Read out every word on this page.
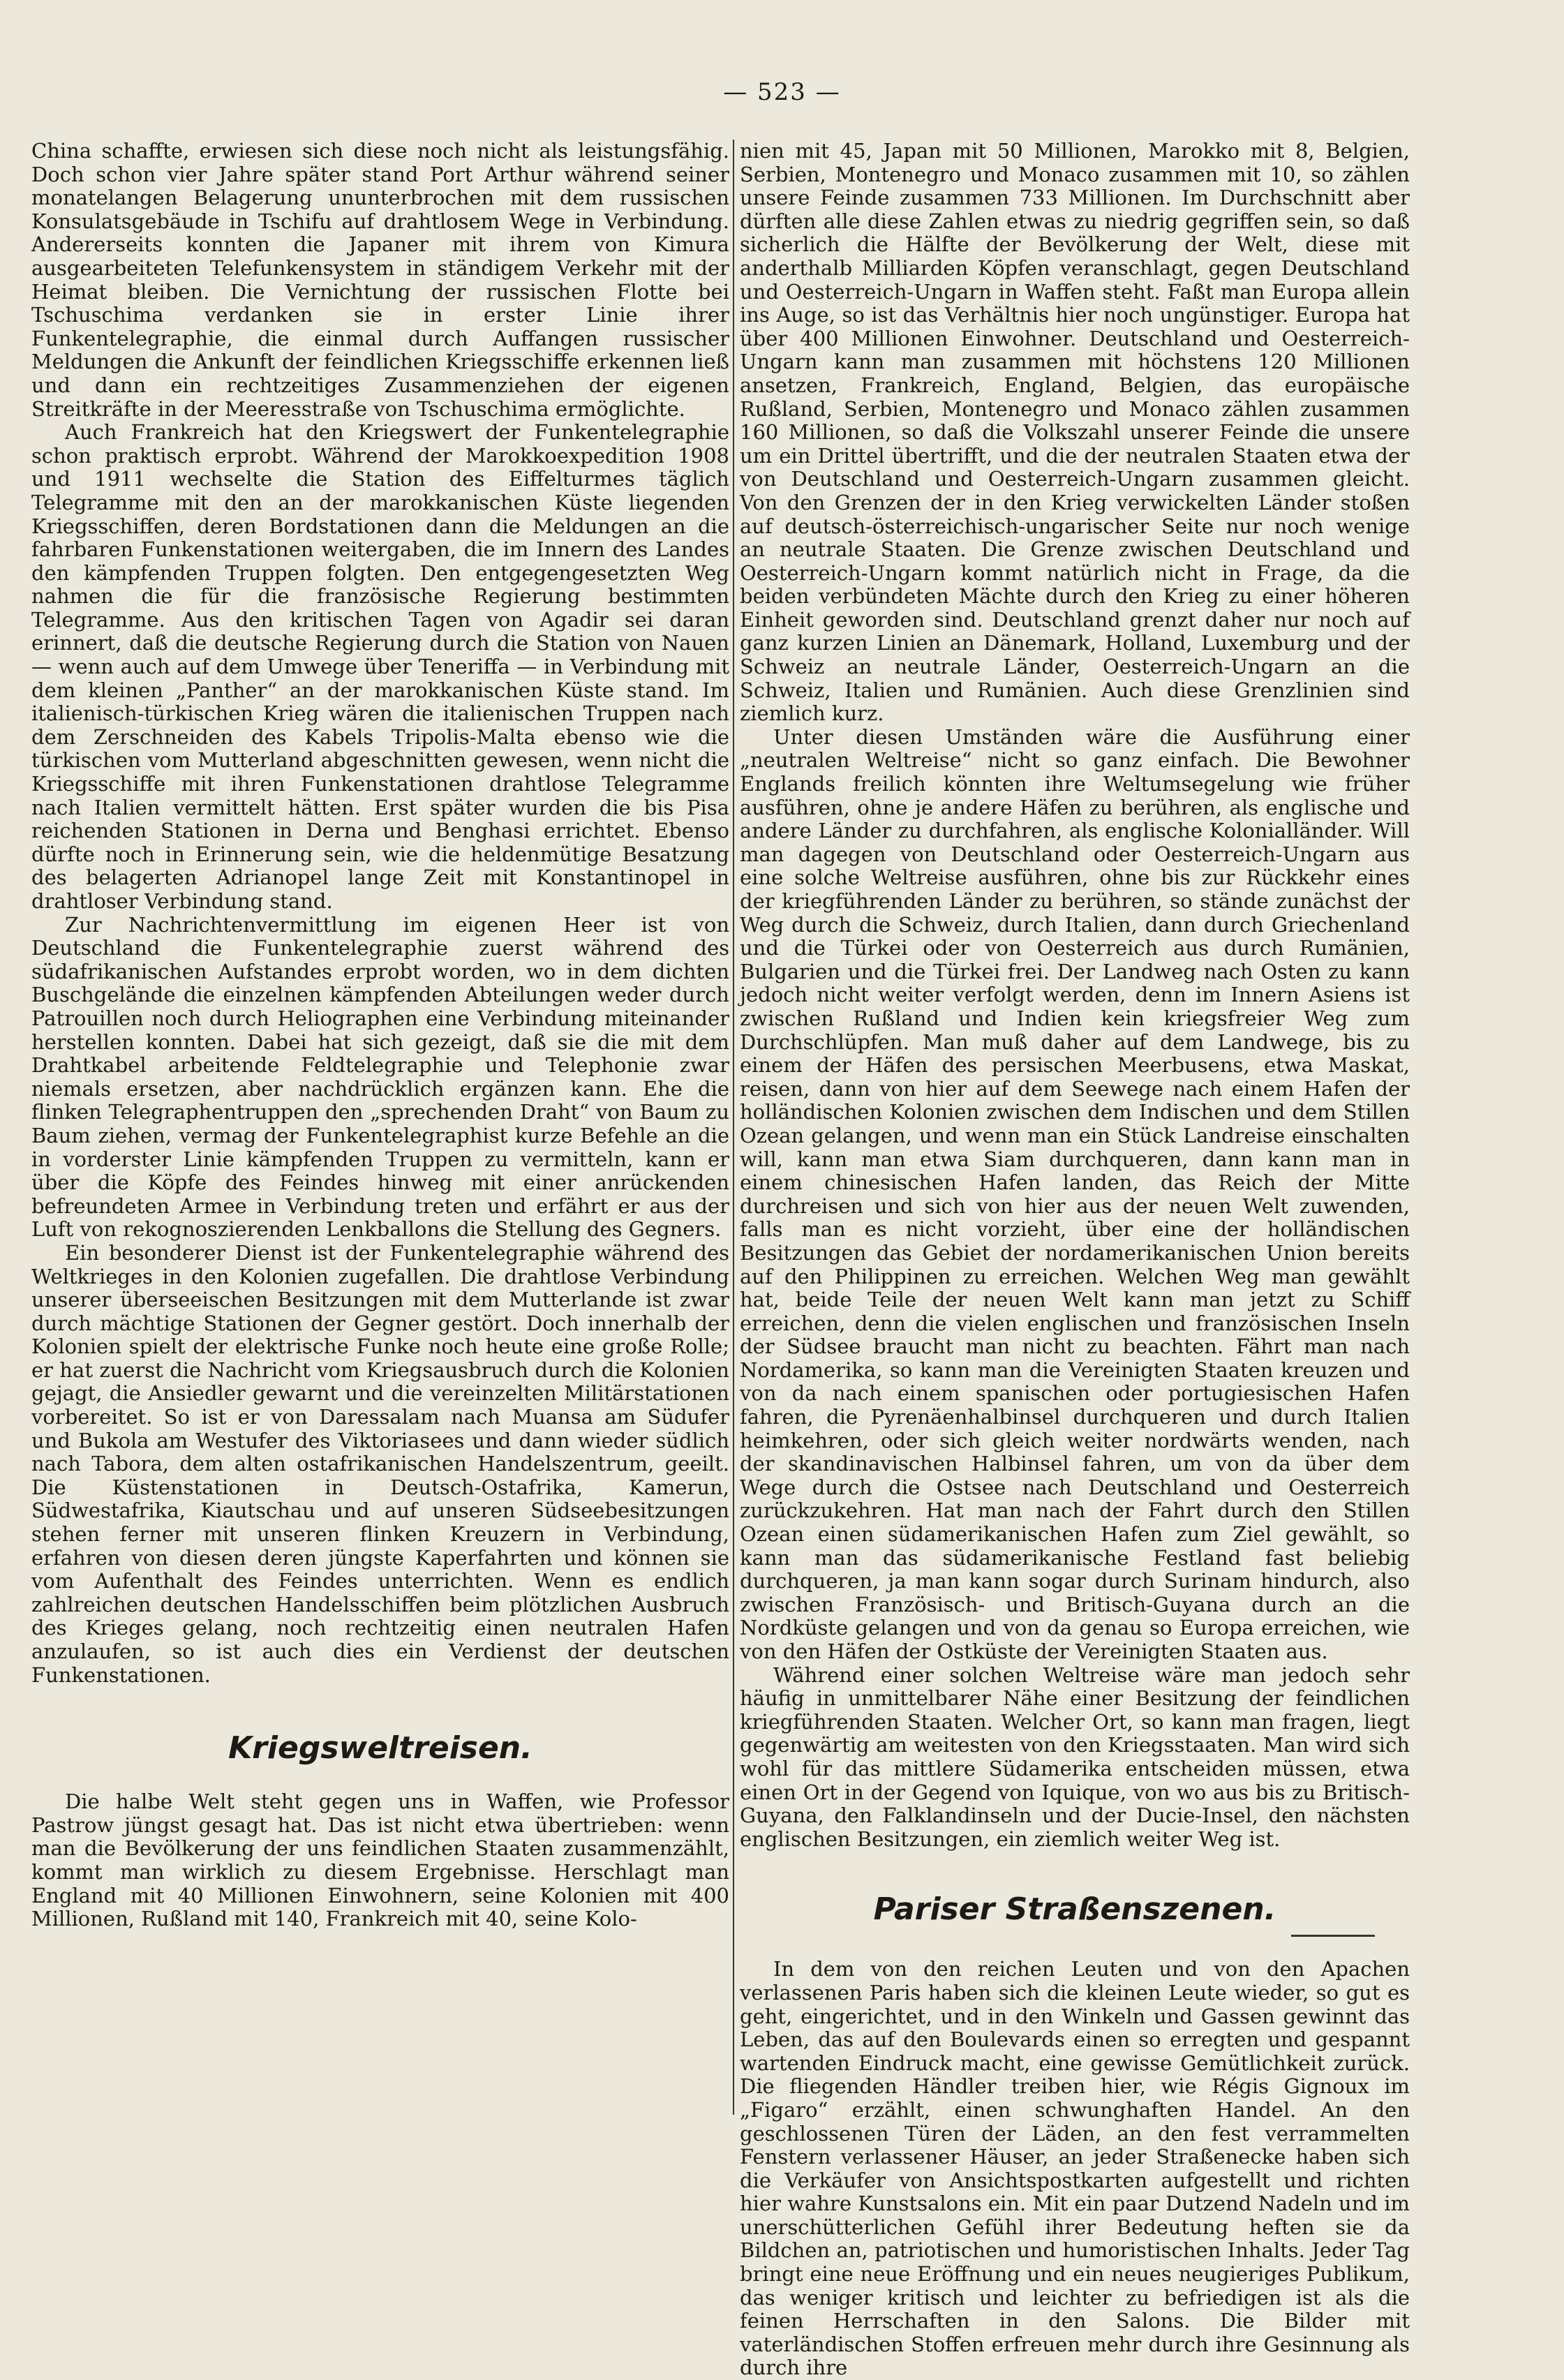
— 523 —

China schaffte, erwiesen sich diese noch nicht als leistungsfähig. Doch schon vier Jahre später stand Port Arthur während seiner monatelangen Belagerung ununterbrochen mit dem russischen Konsulatsgebäude in Tschifu auf drahtlosem Wege in Verbindung. Andererseits konnten die Japaner mit ihrem von Kimura ausgearbeiteten Telefunkensystem in ständigem Verkehr mit der Heimat bleiben. Die Vernichtung der russischen Flotte bei Tschuschima verdanken sie in erster Linie ihrer Funkentelegraphie, die einmal durch Auffangen russischer Meldungen die Ankunft der feindlichen Kriegsschiffe erkennen ließ und dann ein rechtzeitiges Zusammenziehen der eigenen Streitkräfte in der Meeresstraße von Tschuschima ermöglichte.

Auch Frankreich hat den Kriegswert der Funkentelegraphie schon praktisch erprobt. Während der Marokkoexpedition 1908 und 1911 wechselte die Station des Eiffelturmes täglich Telegramme mit den an der marokkanischen Küste liegenden Kriegsschiffen, deren Bordstationen dann die Meldungen an die fahrbaren Funkenstationen weitergaben, die im Innern des Landes den kämpfenden Truppen folgten. Den entgegengesetzten Weg nahmen die für die französische Regierung bestimmten Telegramme. Aus den kritischen Tagen von Agadir sei daran erinnert, daß die deutsche Regierung durch die Station von Nauen — wenn auch auf dem Umwege über Teneriffa — in Verbindung mit dem kleinen „Panther“ an der marokkanischen Küste stand. Im italienisch-türkischen Krieg wären die italienischen Truppen nach dem Zerschneiden des Kabels Tripolis-Malta ebenso wie die türkischen vom Mutterland abgeschnitten gewesen, wenn nicht die Kriegsschiffe mit ihren Funkenstationen drahtlose Telegramme nach Italien vermittelt hätten. Erst später wurden die bis Pisa reichenden Stationen in Derna und Benghasi errichtet. Ebenso dürfte noch in Erinnerung sein, wie die heldenmütige Besatzung des belagerten Adrianopel lange Zeit mit Konstantinopel in drahtloser Verbindung stand.

Zur Nachrichtenvermittlung im eigenen Heer ist von Deutschland die Funkentelegraphie zuerst während des südafrikanischen Aufstandes erprobt worden, wo in dem dichten Buschgelände die einzelnen kämpfenden Abteilungen weder durch Patrouillen noch durch Heliographen eine Verbindung miteinander herstellen konnten. Dabei hat sich gezeigt, daß sie die mit dem Drahtkabel arbeitende Feldtelegraphie und Telephonie zwar niemals ersetzen, aber nachdrücklich ergänzen kann. Ehe die flinken Telegraphentruppen den „sprechenden Draht“ von Baum zu Baum ziehen, vermag der Funkentelegraphist kurze Befehle an die in vorderster Linie kämpfenden Truppen zu vermitteln, kann er über die Köpfe des Feindes hinweg mit einer anrückenden befreundeten Armee in Verbindung treten und erfährt er aus der Luft von rekognoszierenden Lenkballons die Stellung des Gegners.

Ein besonderer Dienst ist der Funkentelegraphie während des Weltkrieges in den Kolonien zugefallen. Die drahtlose Verbindung unserer überseeischen Besitzungen mit dem Mutterlande ist zwar durch mächtige Stationen der Gegner gestört. Doch innerhalb der Kolonien spielt der elektrische Funke noch heute eine große Rolle; er hat zuerst die Nachricht vom Kriegsausbruch durch die Kolonien gejagt, die Ansiedler gewarnt und die vereinzelten Militärstationen vorbereitet. So ist er von Daressalam nach Muansa am Südufer und Bukola am Westufer des Viktoriasees und dann wieder südlich nach Tabora, dem alten ostafrikanischen Handelszentrum, geeilt. Die Küstenstationen in Deutsch-Ostafrika, Kamerun, Südwestafrika, Kiautschau und auf unseren Südseebesitzungen stehen ferner mit unseren flinken Kreuzern in Verbindung, erfahren von diesen deren jüngste Kaperfahrten und können sie vom Aufenthalt des Feindes unterrichten. Wenn es endlich zahlreichen deutschen Handelsschiffen beim plötzlichen Ausbruch des Krieges gelang, noch rechtzeitig einen neutralen Hafen anzulaufen, so ist auch dies ein Verdienst der deutschen Funkenstationen.

Kriegsweltreisen.

Die halbe Welt steht gegen uns in Waffen, wie Professor Pastrow jüngst gesagt hat. Das ist nicht etwa übertrieben: wenn man die Bevölkerung der uns feindlichen Staaten zusammenzählt, kommt man wirklich zu diesem Ergebnisse. Herschlagt man England mit 40 Millionen Einwohnern, seine Kolonien mit 400 Millionen, Rußland mit 140, Frankreich mit 40, seine Kolo-

nien mit 45, Japan mit 50 Millionen, Marokko mit 8, Belgien, Serbien, Montenegro und Monaco zusammen mit 10, so zählen unsere Feinde zusammen 733 Millionen. Im Durchschnitt aber dürften alle diese Zahlen etwas zu niedrig gegriffen sein, so daß sicherlich die Hälfte der Bevölkerung der Welt, diese mit anderthalb Milliarden Köpfen veranschlagt, gegen Deutschland und Oesterreich-Ungarn in Waffen steht. Faßt man Europa allein ins Auge, so ist das Verhältnis hier noch ungünstiger. Europa hat über 400 Millionen Einwohner. Deutschland und Oesterreich-Ungarn kann man zusammen mit höchstens 120 Millionen ansetzen, Frankreich, England, Belgien, das europäische Rußland, Serbien, Montenegro und Monaco zählen zusammen 160 Millionen, so daß die Volkszahl unserer Feinde die unsere um ein Drittel übertrifft, und die der neutralen Staaten etwa der von Deutschland und Oesterreich-Ungarn zusammen gleicht. Von den Grenzen der in den Krieg verwickelten Länder stoßen auf deutsch-österreichisch-ungarischer Seite nur noch wenige an neutrale Staaten. Die Grenze zwischen Deutschland und Oesterreich-Ungarn kommt natürlich nicht in Frage, da die beiden verbündeten Mächte durch den Krieg zu einer höheren Einheit geworden sind. Deutschland grenzt daher nur noch auf ganz kurzen Linien an Dänemark, Holland, Luxemburg und der Schweiz an neutrale Länder, Oesterreich-Ungarn an die Schweiz, Italien und Rumänien. Auch diese Grenzlinien sind ziemlich kurz.

Unter diesen Umständen wäre die Ausführung einer „neutralen Weltreise“ nicht so ganz einfach. Die Bewohner Englands freilich könnten ihre Weltumsegelung wie früher ausführen, ohne je andere Häfen zu berühren, als englische und andere Länder zu durchfahren, als englische Kolonialländer. Will man dagegen von Deutschland oder Oesterreich-Ungarn aus eine solche Weltreise ausführen, ohne bis zur Rückkehr eines der kriegführenden Länder zu berühren, so stände zunächst der Weg durch die Schweiz, durch Italien, dann durch Griechenland und die Türkei oder von Oesterreich aus durch Rumänien, Bulgarien und die Türkei frei. Der Landweg nach Osten zu kann jedoch nicht weiter verfolgt werden, denn im Innern Asiens ist zwischen Rußland und Indien kein kriegsfreier Weg zum Durchschlüpfen. Man muß daher auf dem Landwege, bis zu einem der Häfen des persischen Meerbusens, etwa Maskat, reisen, dann von hier auf dem Seewege nach einem Hafen der holländischen Kolonien zwischen dem Indischen und dem Stillen Ozean gelangen, und wenn man ein Stück Landreise einschalten will, kann man etwa Siam durchqueren, dann kann man in einem chinesischen Hafen landen, das Reich der Mitte durchreisen und sich von hier aus der neuen Welt zuwenden, falls man es nicht vorzieht, über eine der holländischen Besitzungen das Gebiet der nordamerikanischen Union bereits auf den Philippinen zu erreichen. Welchen Weg man gewählt hat, beide Teile der neuen Welt kann man jetzt zu Schiff erreichen, denn die vielen englischen und französischen Inseln der Südsee braucht man nicht zu beachten. Fährt man nach Nordamerika, so kann man die Vereinigten Staaten kreuzen und von da nach einem spanischen oder portugiesischen Hafen fahren, die Pyrenäenhalbinsel durchqueren und durch Italien heimkehren, oder sich gleich weiter nordwärts wenden, nach der skandinavischen Halbinsel fahren, um von da über dem Wege durch die Ostsee nach Deutschland und Oesterreich zurückzukehren. Hat man nach der Fahrt durch den Stillen Ozean einen südamerikanischen Hafen zum Ziel gewählt, so kann man das südamerikanische Festland fast beliebig durchqueren, ja man kann sogar durch Surinam hindurch, also zwischen Französisch- und Britisch-Guyana durch an die Nordküste gelangen und von da genau so Europa erreichen, wie von den Häfen der Ostküste der Vereinigten Staaten aus.

Während einer solchen Weltreise wäre man jedoch sehr häufig in unmittelbarer Nähe einer Besitzung der feindlichen kriegführenden Staaten. Welcher Ort, so kann man fragen, liegt gegenwärtig am weitesten von den Kriegsstaaten. Man wird sich wohl für das mittlere Südamerika entscheiden müssen, etwa einen Ort in der Gegend von Iquique, von wo aus bis zu Britisch-Guyana, den Falklandinseln und der Ducie-Insel, den nächsten englischen Besitzungen, ein ziemlich weiter Weg ist.

Pariser Straßenszenen.

In dem von den reichen Leuten und von den Apachen verlassenen Paris haben sich die kleinen Leute wieder, so gut es geht, eingerichtet, und in den Winkeln und Gassen gewinnt das Leben, das auf den Boulevards einen so erregten und gespannt wartenden Eindruck macht, eine gewisse Gemütlichkeit zurück. Die fliegenden Händler treiben hier, wie Régis Gignoux im „Figaro“ erzählt, einen schwunghaften Handel. An den geschlossenen Türen der Läden, an den fest verrammelten Fenstern verlassener Häuser, an jeder Straßenecke haben sich die Verkäufer von Ansichtspostkarten aufgestellt und richten hier wahre Kunstsalons ein. Mit ein paar Dutzend Nadeln und im unerschütterlichen Gefühl ihrer Bedeutung heften sie da Bildchen an, patriotischen und humoristischen Inhalts. Jeder Tag bringt eine neue Eröffnung und ein neues neugieriges Publikum, das weniger kritisch und leichter zu befriedigen ist als die feinen Herrschaften in den Salons. Die Bilder mit vaterländischen Stoffen erfreuen mehr durch ihre Gesinnung als durch ihre
